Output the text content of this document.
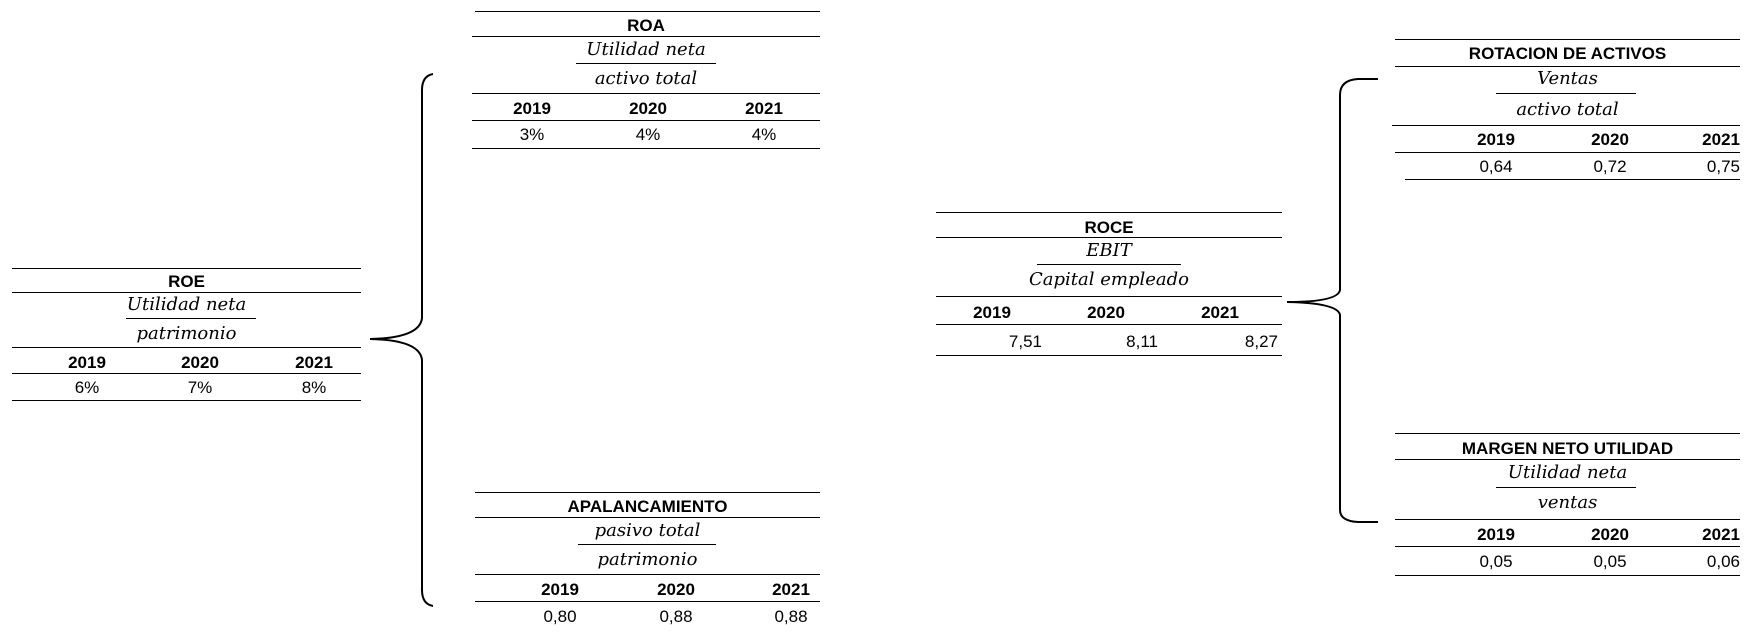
ROE
Utilidad neta
patrimonio
2019	2020	2021
6%	7%	8%
ROA
Utilidad neta
activo total
2019	2020	2021
3%	4%	4%
APALANCAMIENTO
pasivo total
patrimonio
2019	2020	2021
0,80	0,88	0,88
ROCE
EBIT
Capital empleado
2019	2020	2021
7,51	8,11	8,27
ROTACION DE ACTIVOS
Ventas
activo total
2019	2020	2021
0,64	0,72	0,75
MARGEN NETO UTILIDAD
Utilidad neta
ventas
2019	2020	2021
0,05	0,05	0,06
